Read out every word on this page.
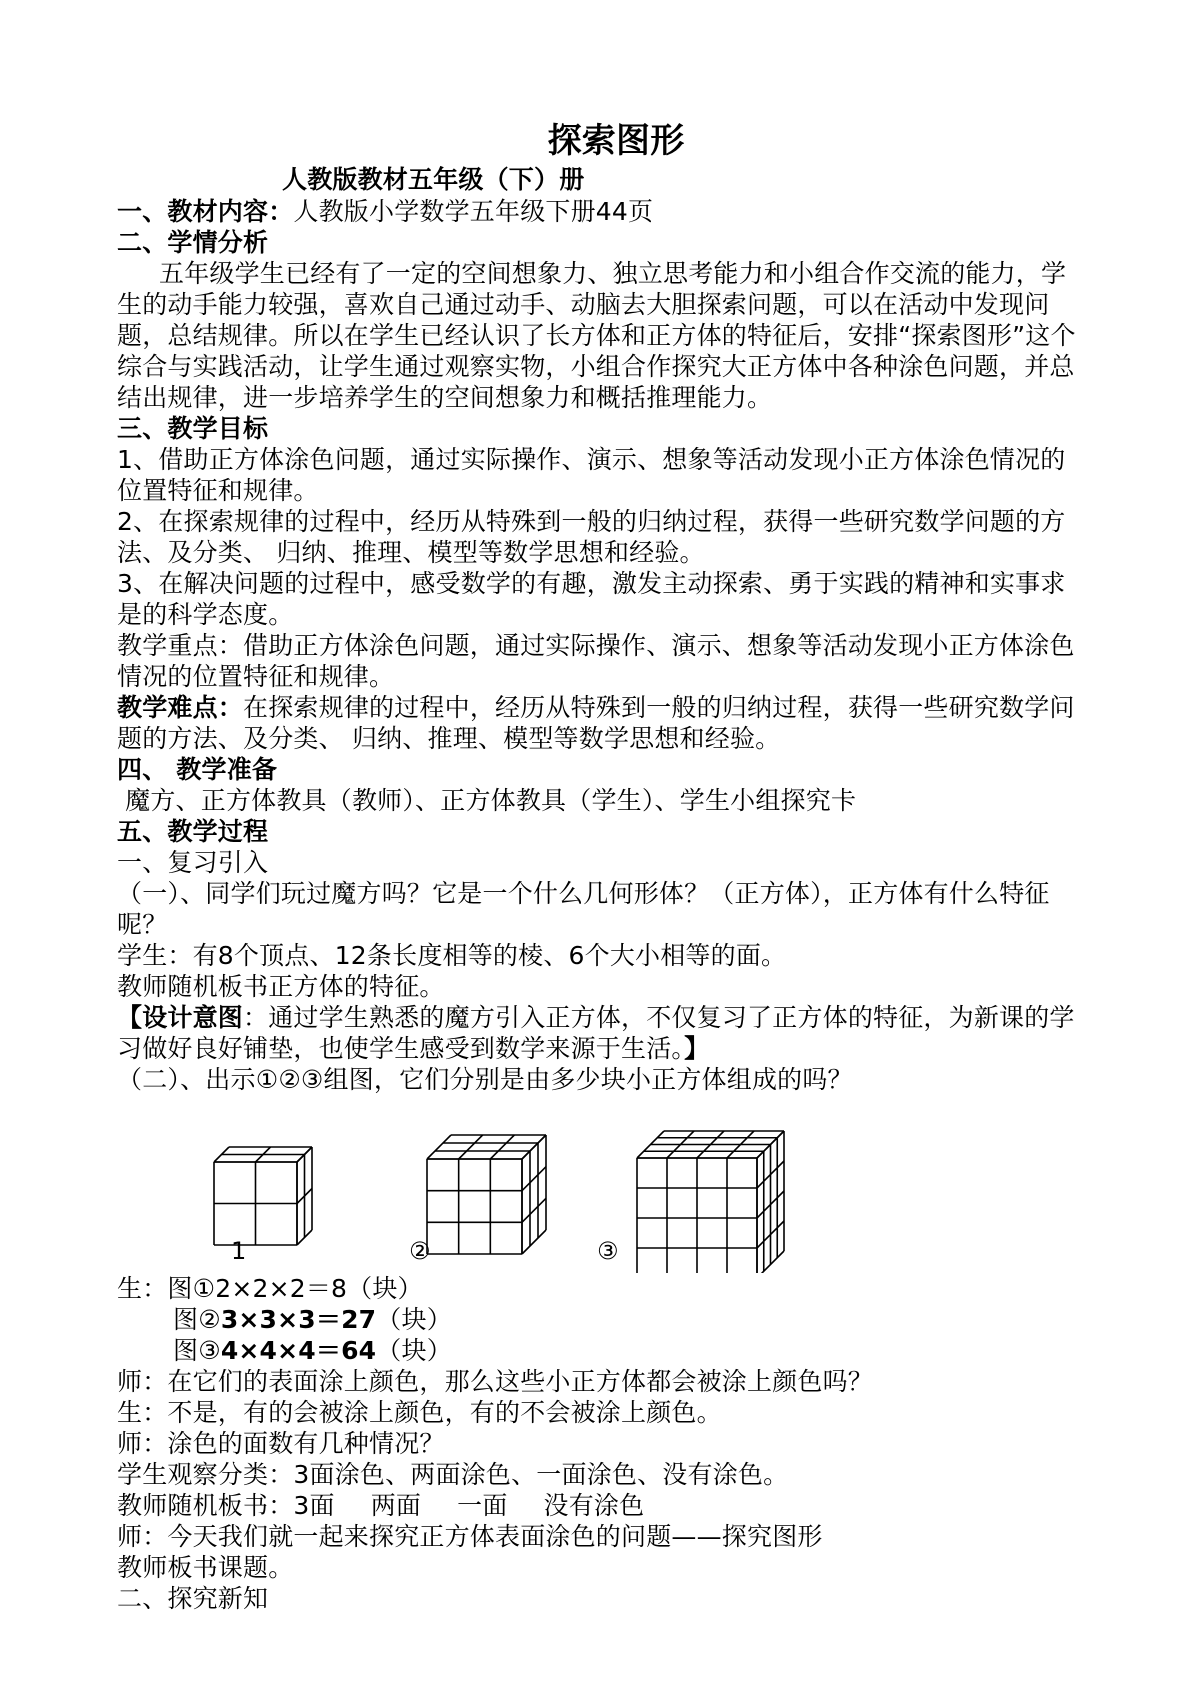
探索图形
人教版教材五年级（下）册
一、教材内容：人教版小学数学五年级下册44页
二、学情分析
五年级学生已经有了一定的空间想象力、独立思考能力和小组合作交流的能力，学生的动手能力较强，喜欢自己通过动手、动脑去大胆探索问题，可以在活动中发现问题，总结规律。所以在学生已经认识了长方体和正方体的特征后，安排“探索图形”这个综合与实践活动，让学生通过观察实物，小组合作探究大正方体中各种涂色问题，并总结出规律，进一步培养学生的空间想象力和概括推理能力。
三、教学目标
1、借助正方体涂色问题，通过实际操作、演示、想象等活动发现小正方体涂色情况的位置特征和规律。
2、在探索规律的过程中，经历从特殊到一般的归纳过程，获得一些研究数学问题的方法、及分类、 归纳、推理、模型等数学思想和经验。
3、在解决问题的过程中，感受数学的有趣，激发主动探索、勇于实践的精神和实事求是的科学态度。
教学重点：借助正方体涂色问题，通过实际操作、演示、想象等活动发现小正方体涂色情况的位置特征和规律。
教学难点：在探索规律的过程中，经历从特殊到一般的归纳过程，获得一些研究数学问题的方法、及分类、 归纳、推理、模型等数学思想和经验。
四、 教学准备
魔方、正方体教具（教师）、正方体教具（学生）、学生小组探究卡
五、教学过程
一、复习引入
（一）、同学们玩过魔方吗？它是一个什么几何形体？（正方体），正方体有什么特征呢？
学生：有8个顶点、12条长度相等的棱、6个大小相等的面。
教师随机板书正方体的特征。
【设计意图：通过学生熟悉的魔方引入正方体，不仅复习了正方体的特征，为新课的学习做好良好铺垫，也使学生感受到数学来源于生活。】
（二）、出示①②③组图，它们分别是由多少块小正方体组成的吗？
1	②	③
生：图①2×2×2＝8（块）
图②3×3×3＝27（块）
图③4×4×4＝64（块）
师：在它们的表面涂上颜色，那么这些小正方体都会被涂上颜色吗？
生：不是，有的会被涂上颜色，有的不会被涂上颜色。
师：涂色的面数有几种情况？
学生观察分类：3面涂色、两面涂色、一面涂色、没有涂色。
教师随机板书：3面 两面 一面 没有涂色
师：今天我们就一起来探究正方体表面涂色的问题——探究图形
教师板书课题。
二、探究新知
